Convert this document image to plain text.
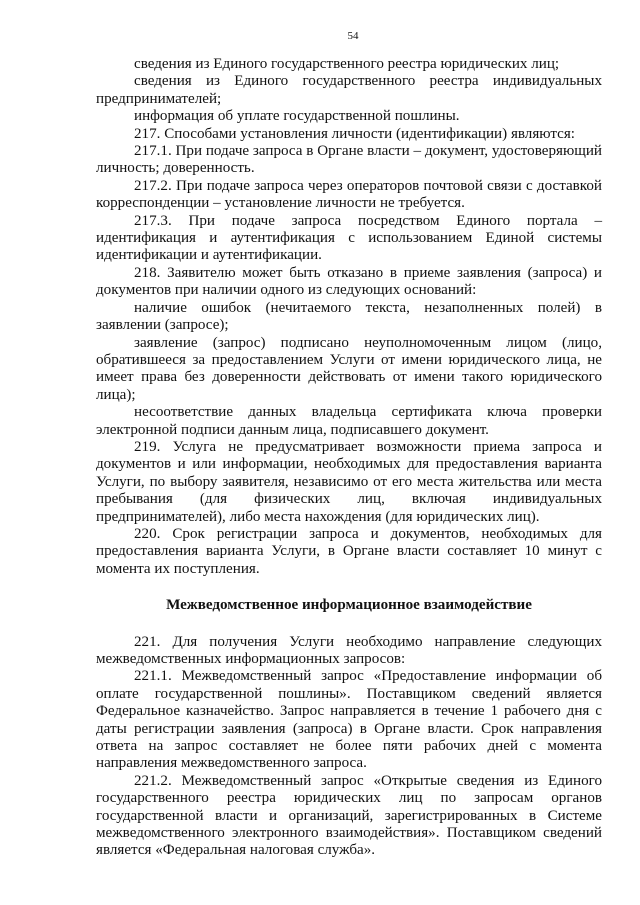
54

сведения из Единого государственного реестра юридических лиц;

сведения из Единого государственного реестра индивидуальных предпринимателей;

информация об уплате государственной пошлины.

217. Способами установления личности (идентификации) являются:

217.1. При подаче запроса в Органе власти – документ, удостоверяющий личность; доверенность.

217.2. При подаче запроса через операторов почтовой связи с доставкой корреспонденции – установление личности не требуется.

217.3. При подаче запроса посредством Единого портала – идентификация и аутентификация с использованием Единой системы идентификации и аутентификации.

218. Заявителю может быть отказано в приеме заявления (запроса) и документов при наличии одного из следующих оснований:

наличие ошибок (нечитаемого текста, незаполненных полей) в заявлении (запросе);

заявление (запрос) подписано неуполномоченным лицом (лицо, обратившееся за предоставлением Услуги от имени юридического лица, не имеет права без доверенности действовать от имени такого юридического лица);

несоответствие данных владельца сертификата ключа проверки электронной подписи данным лица, подписавшего документ.

219. Услуга не предусматривает возможности приема запроса и документов и или информации, необходимых для предоставления варианта Услуги, по выбору заявителя, независимо от его места жительства или места пребывания (для физических лиц, включая индивидуальных предпринимателей), либо места нахождения (для юридических лиц).

220. Срок регистрации запроса и документов, необходимых для предоставления варианта Услуги, в Органе власти составляет 10 минут с момента их поступления.

Межведомственное информационное взаимодействие

221. Для получения Услуги необходимо направление следующих межведомственных информационных запросов:

221.1. Межведомственный запрос «Предоставление информации об оплате государственной пошлины». Поставщиком сведений является Федеральное казначейство. Запрос направляется в течение 1 рабочего дня с даты регистрации заявления (запроса) в Органе власти. Срок направления ответа на запрос составляет не более пяти рабочих дней с момента направления межведомственного запроса.

221.2. Межведомственный запрос «Открытые сведения из Единого государственного реестра юридических лиц по запросам органов государственной власти и организаций, зарегистрированных в Системе межведомственного электронного взаимодействия». Поставщиком сведений является «Федеральная налоговая служба».
